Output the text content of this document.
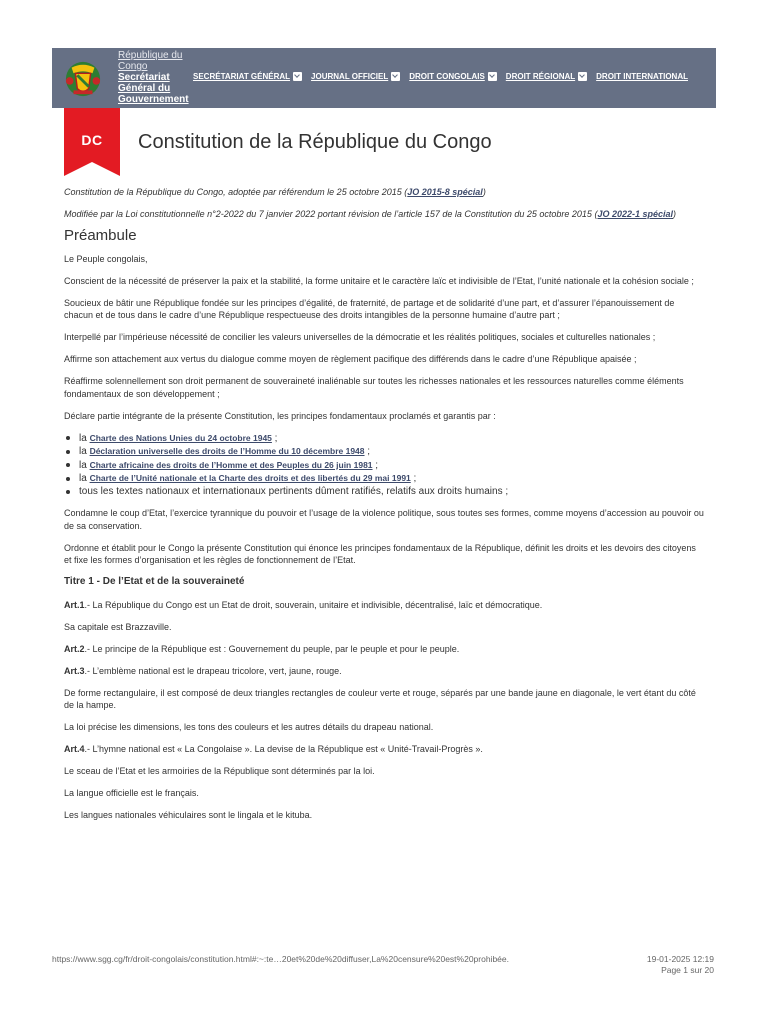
République du Congo
Secrétariat Général du Gouvernement
SECRÉTARIAT GÉNÉRAL	JOURNAL OFFICIEL	DROIT CONGOLAIS	DROIT RÉGIONAL	DROIT INTERNATIONAL
DC	Constitution de la République du Congo

Constitution de la République du Congo, adoptée par référendum le 25 octobre 2015 (JO 2015-8 spécial)

Modifiée par la Loi constitutionnelle n°2-2022 du 7 janvier 2022 portant révision de l’article 157 de la Constitution du 25 octobre 2015 (JO 2022-1 spécial)

Préambule

Le Peuple congolais,

Conscient de la nécessité de préserver la paix et la stabilité, la forme unitaire et le caractère laïc et indivisible de l’Etat, l’unité nationale et la cohésion sociale ;

Soucieux de bâtir une République fondée sur les principes d’égalité, de fraternité, de partage et de solidarité d’une part, et d’assurer l’épanouissement de chacun et de tous dans le cadre d’une République respectueuse des droits intangibles de la personne humaine d’autre part ;

Interpellé par l’impérieuse nécessité de concilier les valeurs universelles de la démocratie et les réalités politiques, sociales et culturelles nationales ;

Affirme son attachement aux vertus du dialogue comme moyen de règlement pacifique des différends dans le cadre d’une République apaisée ;

Réaffirme solennellement son droit permanent de souveraineté inaliénable sur toutes les richesses nationales et les ressources naturelles comme éléments fondamentaux de son développement ;

Déclare partie intégrante de la présente Constitution, les principes fondamentaux proclamés et garantis par :

la Charte des Nations Unies du 24 octobre 1945 ;
la Déclaration universelle des droits de l’Homme du 10 décembre 1948 ;
la Charte africaine des droits de l’Homme et des Peuples du 26 juin 1981 ;
la Charte de l’Unité nationale et la Charte des droits et des libertés du 29 mai 1991 ;
tous les textes nationaux et internationaux pertinents dûment ratifiés, relatifs aux droits humains ;

Condamne le coup d’Etat, l’exercice tyrannique du pouvoir et l’usage de la violence politique, sous toutes ses formes, comme moyens d’accession au pouvoir ou de sa conservation.

Ordonne et établit pour le Congo la présente Constitution qui énonce les principes fondamentaux de la République, définit les droits et les devoirs des citoyens et fixe les formes d’organisation et les règles de fonctionnement de l’Etat.

Titre 1 - De l’Etat et de la souveraineté

Art.1.- La République du Congo est un Etat de droit, souverain, unitaire et indivisible, décentralisé, laïc et démocratique.

Sa capitale est Brazzaville.

Art.2.- Le principe de la République est : Gouvernement du peuple, par le peuple et pour le peuple.

Art.3.- L’emblème national est le drapeau tricolore, vert, jaune, rouge.

De forme rectangulaire, il est composé de deux triangles rectangles de couleur verte et rouge, séparés par une bande jaune en diagonale, le vert étant du côté de la hampe.

La loi précise les dimensions, les tons des couleurs et les autres détails du drapeau national.

Art.4.- L’hymne national est « La Congolaise ». La devise de la République est « Unité-Travail-Progrès ».

Le sceau de l’Etat et les armoiries de la République sont déterminés par la loi.

La langue officielle est le français.

Les langues nationales véhiculaires sont le lingala et le kituba.

https://www.sgg.cg/fr/droit-congolais/constitution.html#:~:te…20et%20de%20diffuser,La%20censure%20est%20prohibée.	19-01-2025 12:19
Page 1 sur 20
